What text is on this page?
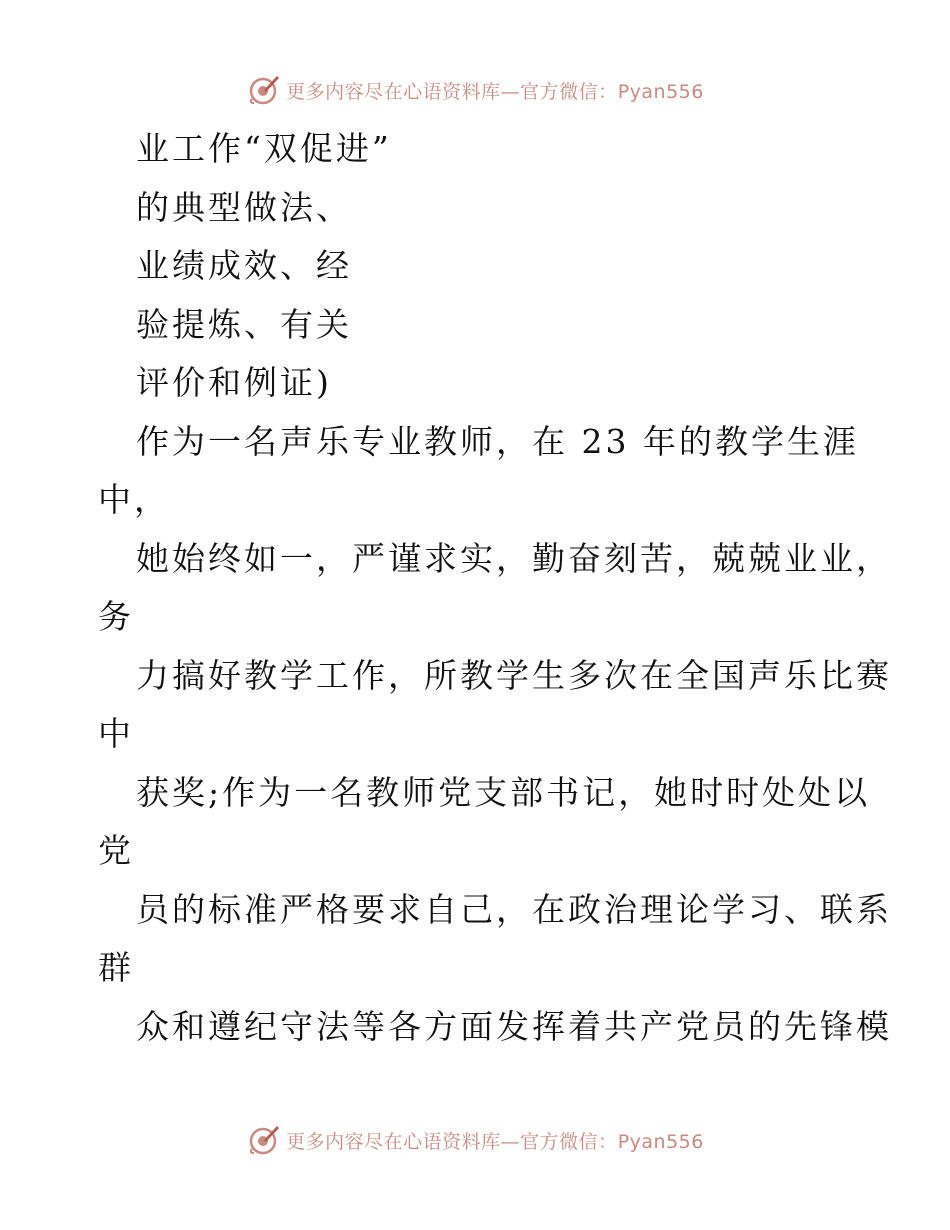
更多内容尽在心语资料库—官方微信：Pyan556
业工作“双促进”
的典型做法、
业绩成效、经
验提炼、有关
评价和例证)
作为一名声乐专业教师，在 23 年的教学生涯
中，
她始终如一，严谨求实，勤奋刻苦，兢兢业业，
务
力搞好教学工作，所教学生多次在全国声乐比赛
中
获奖;作为一名教师党支部书记，她时时处处以
党
员的标准严格要求自己，在政治理论学习、联系
群
众和遵纪守法等各方面发挥着共产党员的先锋模
更多内容尽在心语资料库—官方微信：Pyan556
